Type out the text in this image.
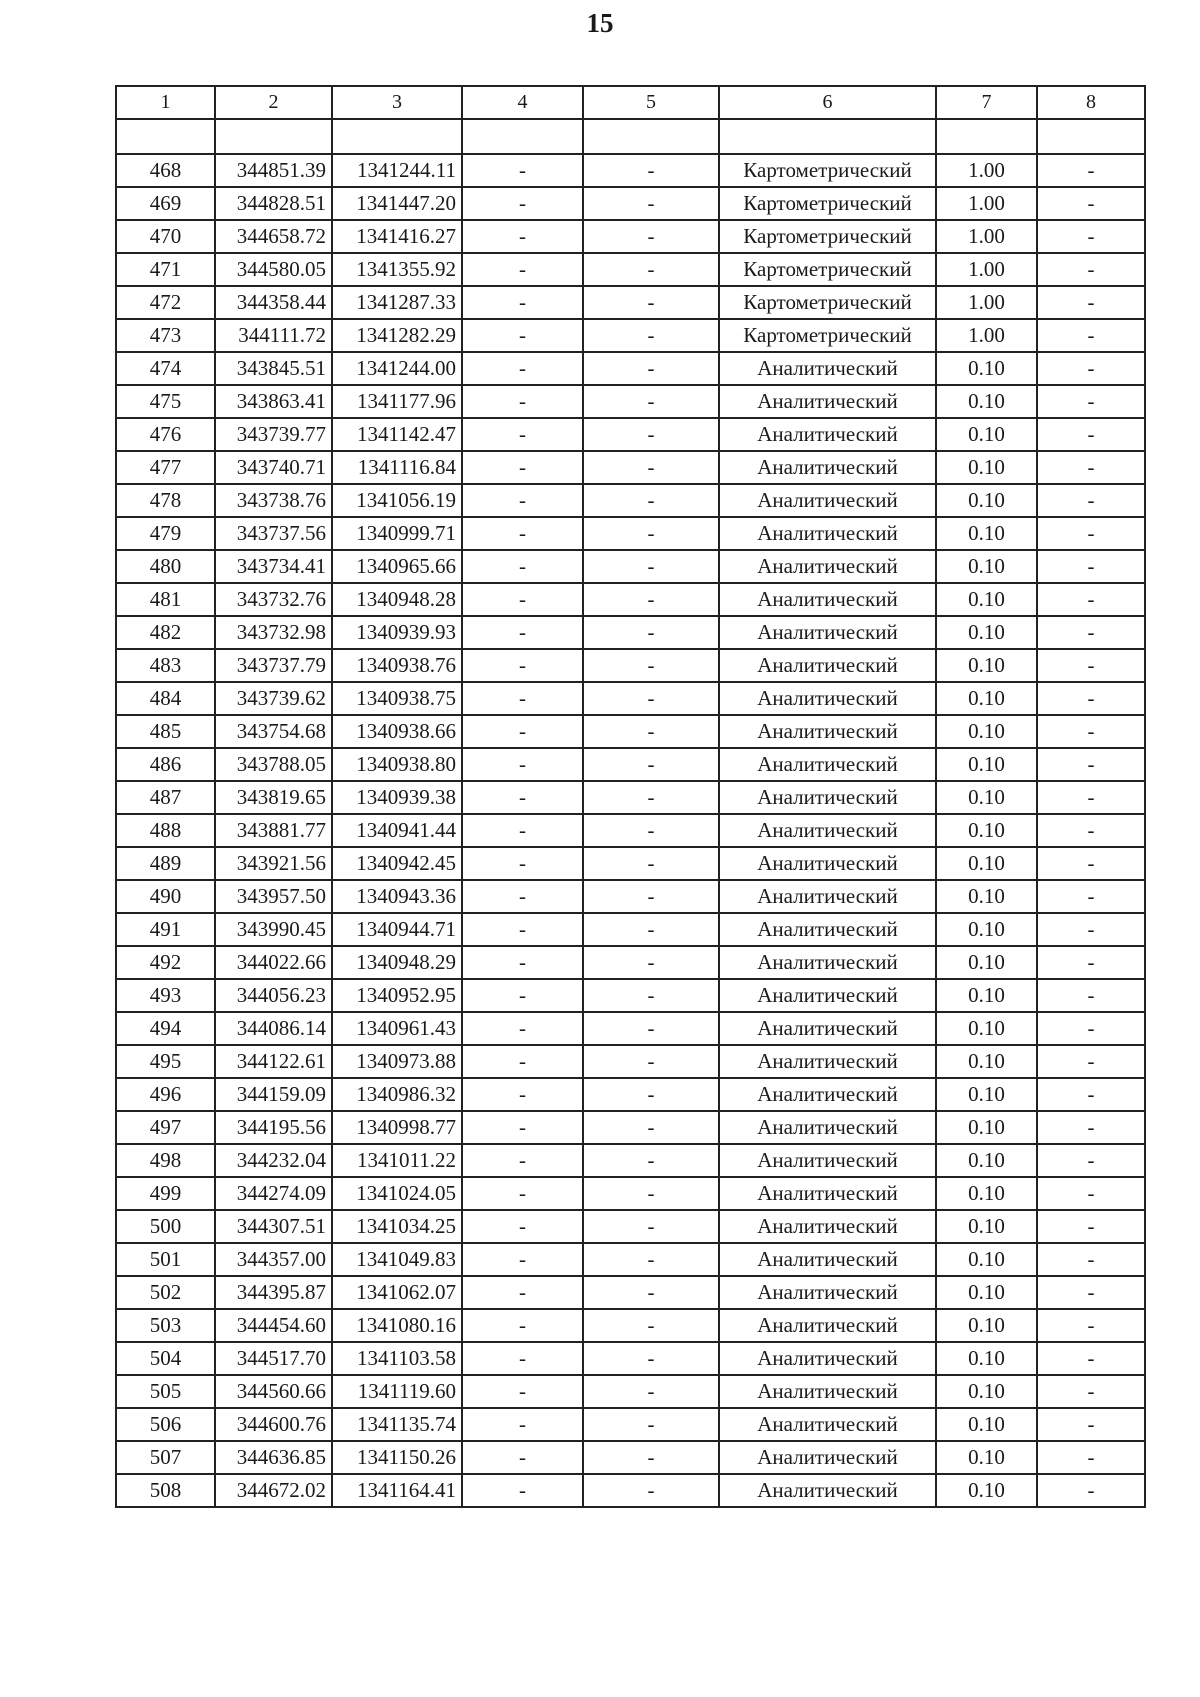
15
1	2	3	4	5	6	7	8

468	344851.39	1341244.11	-	-	Картометрический	1.00	-
469	344828.51	1341447.20	-	-	Картометрический	1.00	-
470	344658.72	1341416.27	-	-	Картометрический	1.00	-
471	344580.05	1341355.92	-	-	Картометрический	1.00	-
472	344358.44	1341287.33	-	-	Картометрический	1.00	-
473	344111.72	1341282.29	-	-	Картометрический	1.00	-
474	343845.51	1341244.00	-	-	Аналитический	0.10	-
475	343863.41	1341177.96	-	-	Аналитический	0.10	-
476	343739.77	1341142.47	-	-	Аналитический	0.10	-
477	343740.71	1341116.84	-	-	Аналитический	0.10	-
478	343738.76	1341056.19	-	-	Аналитический	0.10	-
479	343737.56	1340999.71	-	-	Аналитический	0.10	-
480	343734.41	1340965.66	-	-	Аналитический	0.10	-
481	343732.76	1340948.28	-	-	Аналитический	0.10	-
482	343732.98	1340939.93	-	-	Аналитический	0.10	-
483	343737.79	1340938.76	-	-	Аналитический	0.10	-
484	343739.62	1340938.75	-	-	Аналитический	0.10	-
485	343754.68	1340938.66	-	-	Аналитический	0.10	-
486	343788.05	1340938.80	-	-	Аналитический	0.10	-
487	343819.65	1340939.38	-	-	Аналитический	0.10	-
488	343881.77	1340941.44	-	-	Аналитический	0.10	-
489	343921.56	1340942.45	-	-	Аналитический	0.10	-
490	343957.50	1340943.36	-	-	Аналитический	0.10	-
491	343990.45	1340944.71	-	-	Аналитический	0.10	-
492	344022.66	1340948.29	-	-	Аналитический	0.10	-
493	344056.23	1340952.95	-	-	Аналитический	0.10	-
494	344086.14	1340961.43	-	-	Аналитический	0.10	-
495	344122.61	1340973.88	-	-	Аналитический	0.10	-
496	344159.09	1340986.32	-	-	Аналитический	0.10	-
497	344195.56	1340998.77	-	-	Аналитический	0.10	-
498	344232.04	1341011.22	-	-	Аналитический	0.10	-
499	344274.09	1341024.05	-	-	Аналитический	0.10	-
500	344307.51	1341034.25	-	-	Аналитический	0.10	-
501	344357.00	1341049.83	-	-	Аналитический	0.10	-
502	344395.87	1341062.07	-	-	Аналитический	0.10	-
503	344454.60	1341080.16	-	-	Аналитический	0.10	-
504	344517.70	1341103.58	-	-	Аналитический	0.10	-
505	344560.66	1341119.60	-	-	Аналитический	0.10	-
506	344600.76	1341135.74	-	-	Аналитический	0.10	-
507	344636.85	1341150.26	-	-	Аналитический	0.10	-
508	344672.02	1341164.41	-	-	Аналитический	0.10	-
